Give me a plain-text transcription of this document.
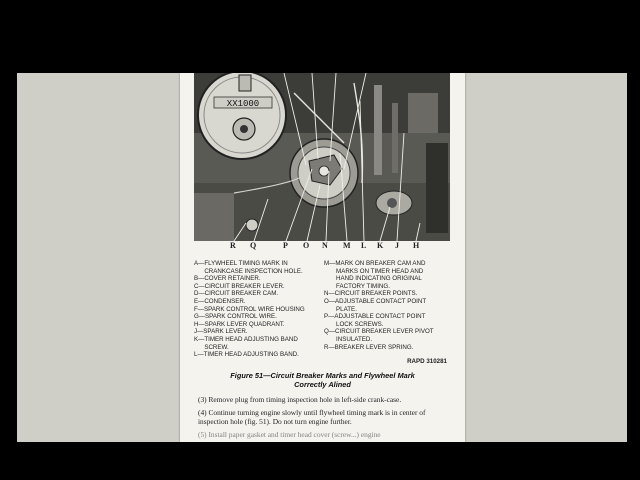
XX1000
R Q	P O N M L K J H
A—FLYWHEEL TIMING MARK IN
CRANKCASE INSPECTION HOLE.
B—COVER RETAINER.
C—CIRCUIT BREAKER LEVER.
D—CIRCUIT BREAKER CAM.
E—CONDENSER.
F—SPARK CONTROL WIRE HOUSING
G—SPARK CONTROL WIRE.
H—SPARK LEVER QUADRANT.
J—SPARK LEVER.
K—TIMER HEAD ADJUSTING BAND
SCREW.
L—TIMER HEAD ADJUSTING BAND.
M—MARK ON BREAKER CAM AND
MARKS ON TIMER HEAD AND
HAND INDICATING ORIGINAL
FACTORY TIMING.
N—CIRCUIT BREAKER POINTS.
O—ADJUSTABLE CONTACT POINT
PLATE.
P—ADJUSTABLE CONTACT POINT
LOCK SCREWS.
Q—CIRCUIT BREAKER LEVER PIVOT
INSULATED.
R—BREAKER LEVER SPRING.
RAPD 310281
Figure 51—Circuit Breaker Marks and Flywheel Mark
Correctly Alined

(3) Remove plug from timing inspection hole in left-side crank-case.

(4) Continue turning engine slowly until flywheel timing mark is in center of inspection hole (fig. 51). Do not turn engine further.

(5) Install paper gasket and timer head cover (screw...) engine
